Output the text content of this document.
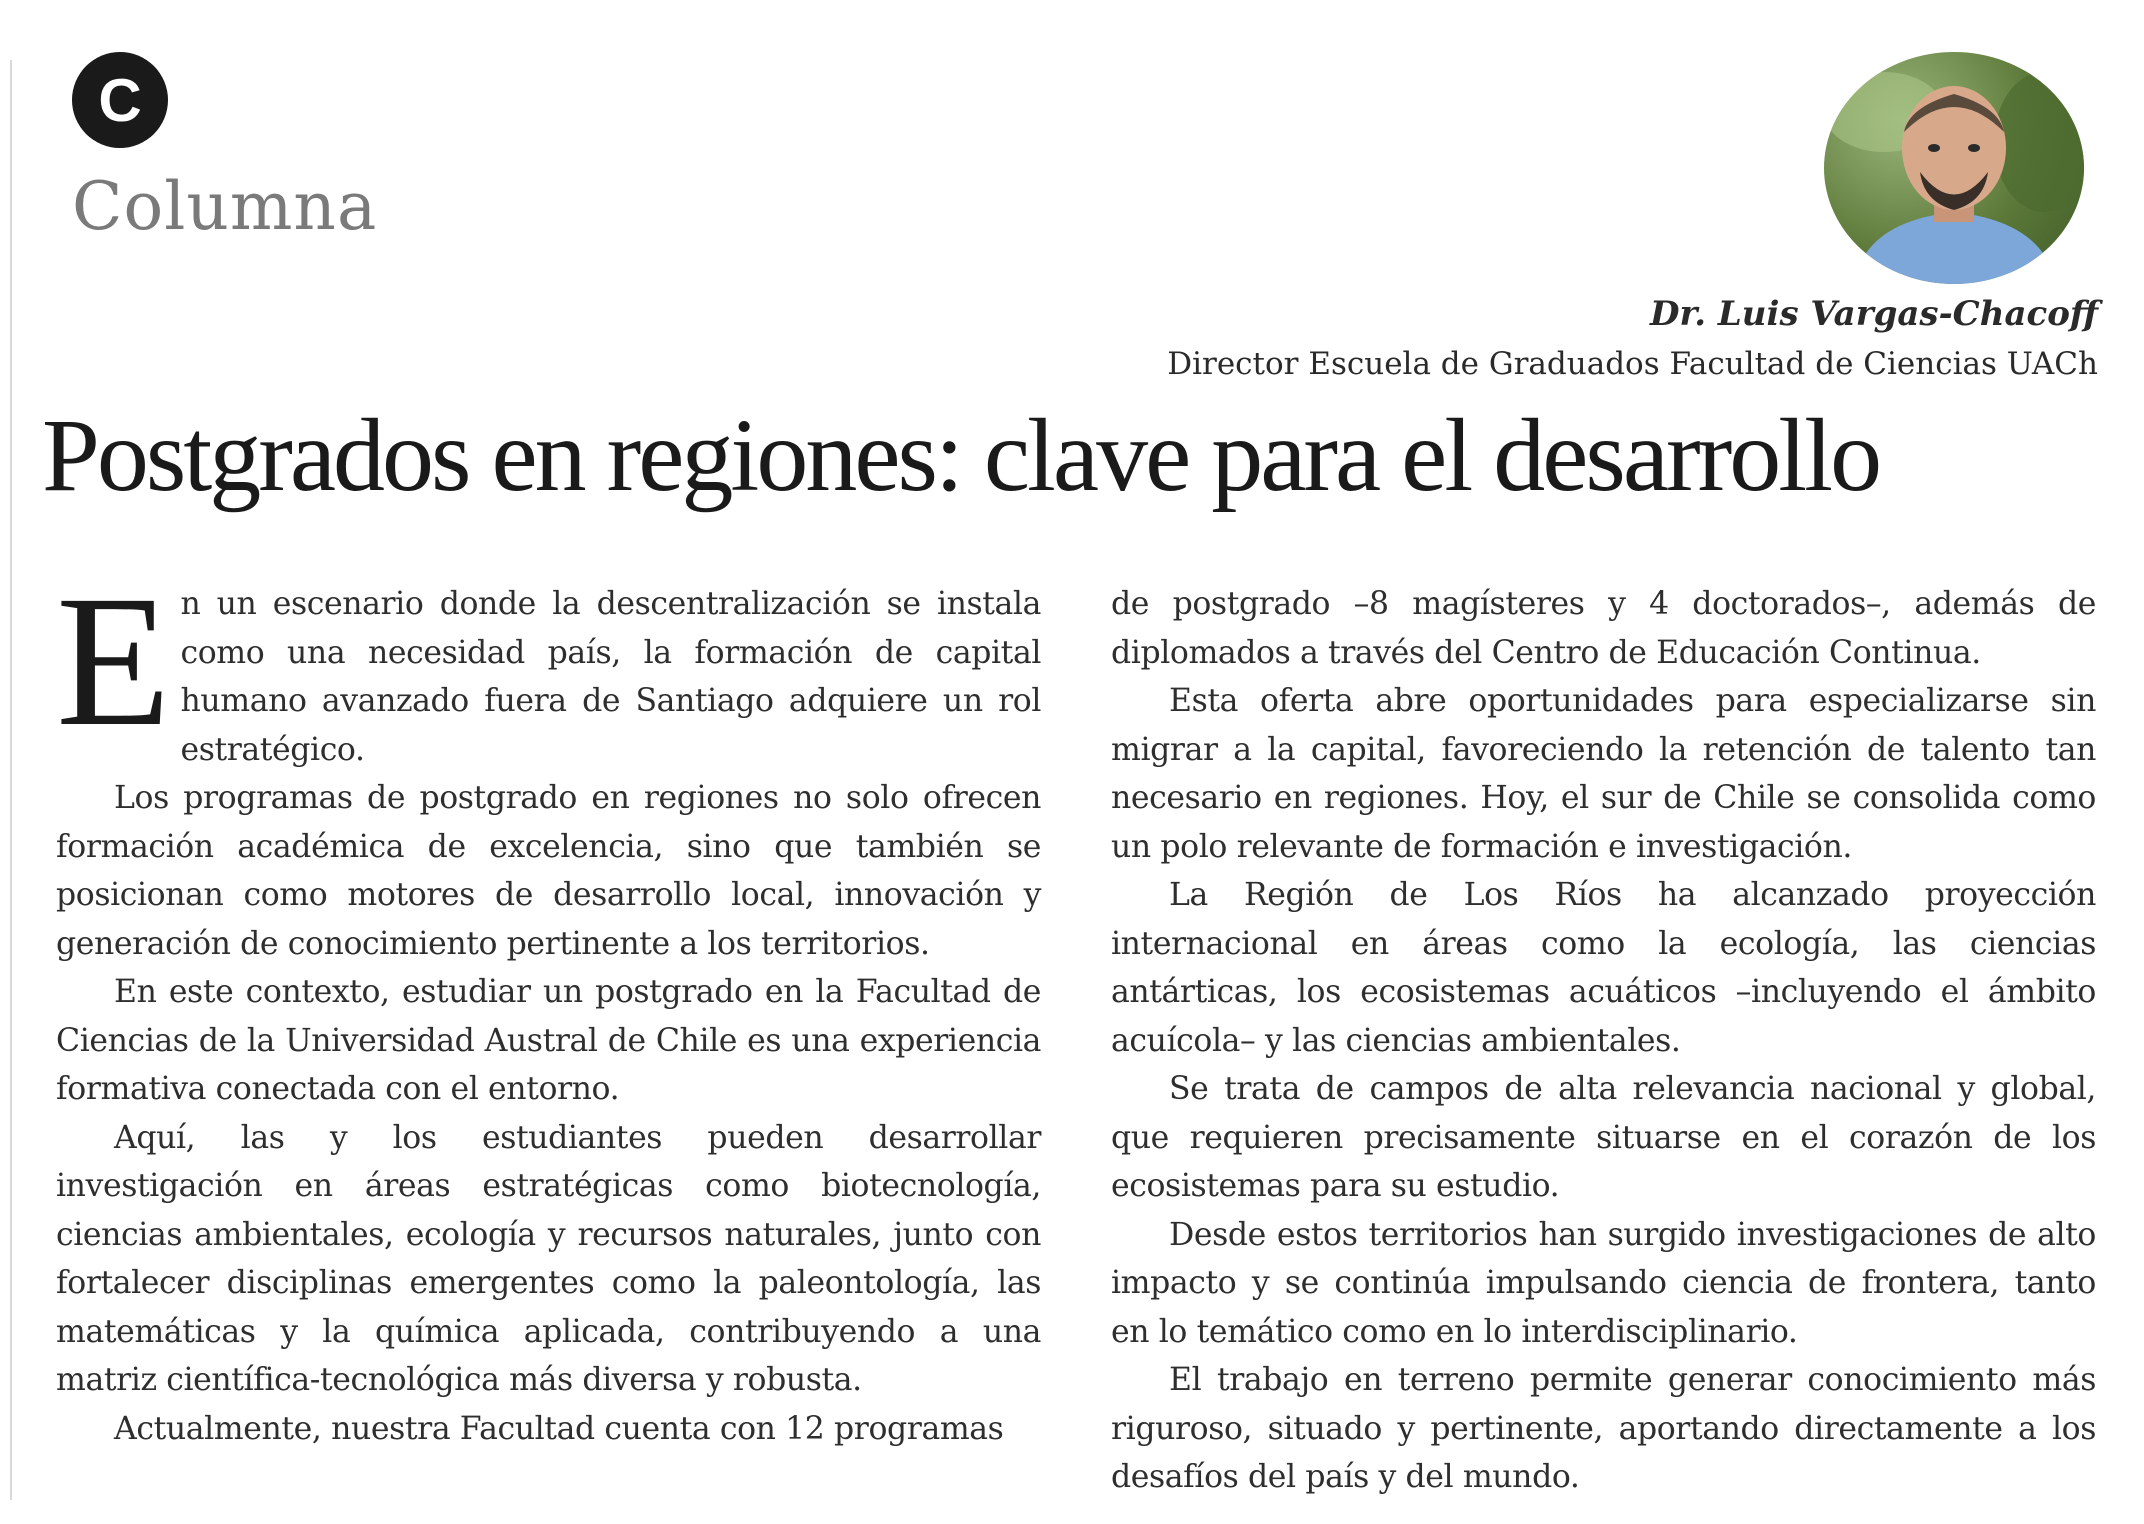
C
Columna
Dr. Luis Vargas-Chacoff
Director Escuela de Graduados Facultad de Ciencias UACh
Postgrados en regiones: clave para el desarrollo

En un escenario donde la descentralización se instala como una necesidad país, la formación de capital humano avanzado fuera de Santiago adquiere un rol estratégico.

Los programas de postgrado en regiones no solo ofrecen formación académica de excelencia, sino que también se posicionan como motores de desarrollo local, innovación y generación de conocimiento pertinente a los territorios.

En este contexto, estudiar un postgrado en la Facultad de Ciencias de la Universidad Austral de Chile es una experiencia formativa conectada con el entorno.

Aquí, las y los estudiantes pueden desarrollar investigación en áreas estratégicas como biotecnología, ciencias ambientales, ecología y recursos naturales, junto con fortalecer disciplinas emergentes como la paleontología, las matemáticas y la química aplicada, contribuyendo a una matriz científica-tecnológica más diversa y robusta.

Actualmente, nuestra Facultad cuenta con 12 programas

de postgrado –8 magísteres y 4 doctorados–, además de diplomados a través del Centro de Educación Continua.

Esta oferta abre oportunidades para especializarse sin migrar a la capital, favoreciendo la retención de talento tan necesario en regiones. Hoy, el sur de Chile se consolida como un polo relevante de formación e investigación.

La Región de Los Ríos ha alcanzado proyección internacional en áreas como la ecología, las ciencias antárticas, los ecosistemas acuáticos –incluyendo el ámbito acuícola– y las ciencias ambientales.

Se trata de campos de alta relevancia nacional y global, que requieren precisamente situarse en el corazón de los ecosistemas para su estudio.

Desde estos territorios han surgido investigaciones de alto impacto y se continúa impulsando ciencia de frontera, tanto en lo temático como en lo interdisciplinario.

El trabajo en terreno permite generar conocimiento más riguroso, situado y pertinente, aportando directamente a los desafíos del país y del mundo.
